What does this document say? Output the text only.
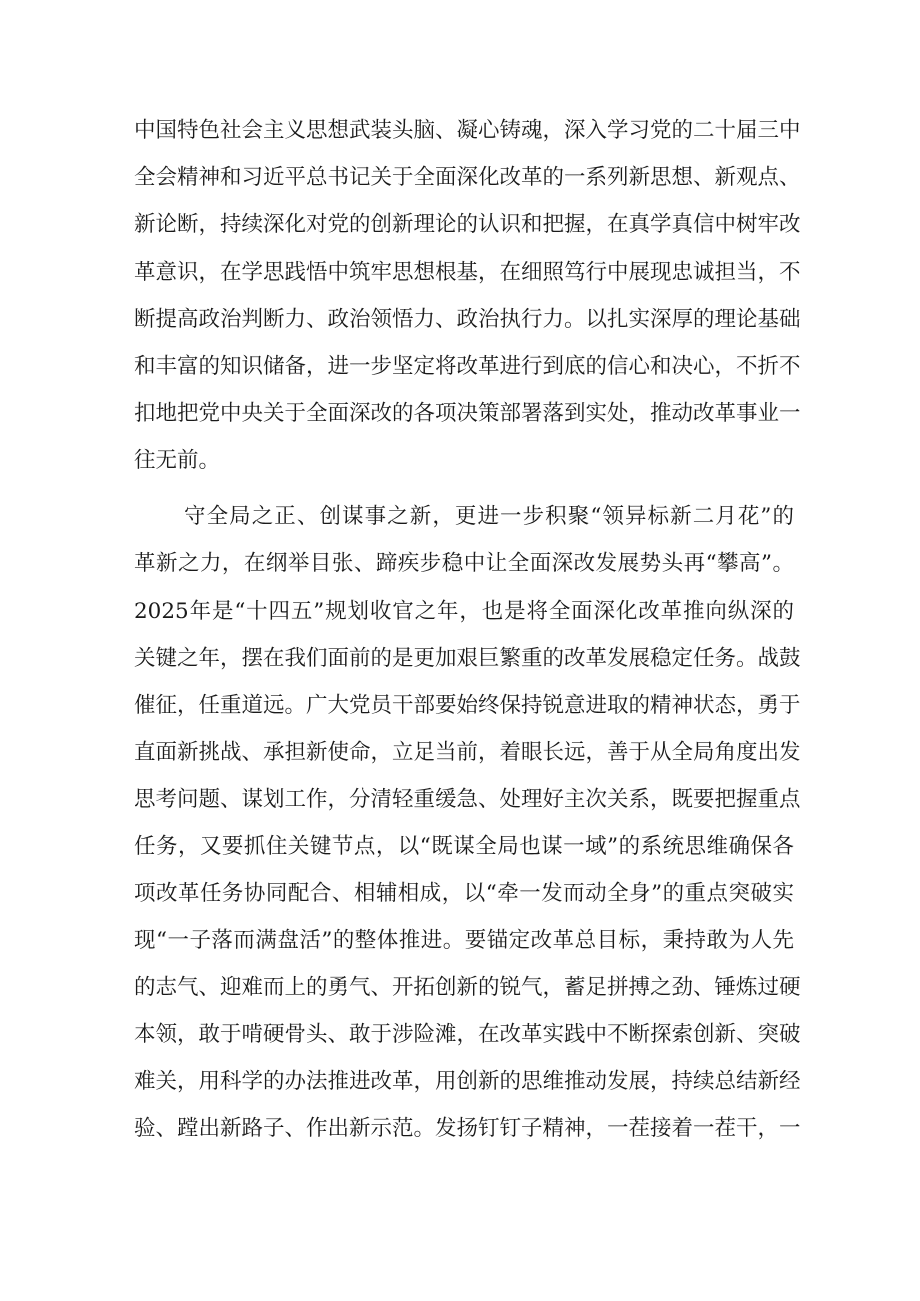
中国特色社会主义思想武装头脑、凝心铸魂，深入学习党的二十届三中
全会精神和习近平总书记关于全面深化改革的一系列新思想、新观点、
新论断，持续深化对党的创新理论的认识和把握，在真学真信中树牢改
革意识，在学思践悟中筑牢思想根基，在细照笃行中展现忠诚担当，不
断提高政治判断力、政治领悟力、政治执行力。以扎实深厚的理论基础
和丰富的知识储备，进一步坚定将改革进行到底的信心和决心，不折不
扣地把党中央关于全面深改的各项决策部署落到实处，推动改革事业一
往无前。
守全局之正、创谋事之新，更进一步积聚“领异标新二月花”的
革新之力，在纲举目张、蹄疾步稳中让全面深改发展势头再“攀高”。
2025年是“十四五”规划收官之年，也是将全面深化改革推向纵深的
关键之年，摆在我们面前的是更加艰巨繁重的改革发展稳定任务。战鼓
催征，任重道远。广大党员干部要始终保持锐意进取的精神状态，勇于
直面新挑战、承担新使命，立足当前，着眼长远，善于从全局角度出发
思考问题、谋划工作，分清轻重缓急、处理好主次关系，既要把握重点
任务，又要抓住关键节点，以“既谋全局也谋一域”的系统思维确保各
项改革任务协同配合、相辅相成，以“牵一发而动全身”的重点突破实
现“一子落而满盘活”的整体推进。要锚定改革总目标，秉持敢为人先
的志气、迎难而上的勇气、开拓创新的锐气，蓄足拼搏之劲、锤炼过硬
本领，敢于啃硬骨头、敢于涉险滩，在改革实践中不断探索创新、突破
难关，用科学的办法推进改革，用创新的思维推动发展，持续总结新经
验、蹚出新路子、作出新示范。发扬钉钉子精神，一茬接着一茬干，一
